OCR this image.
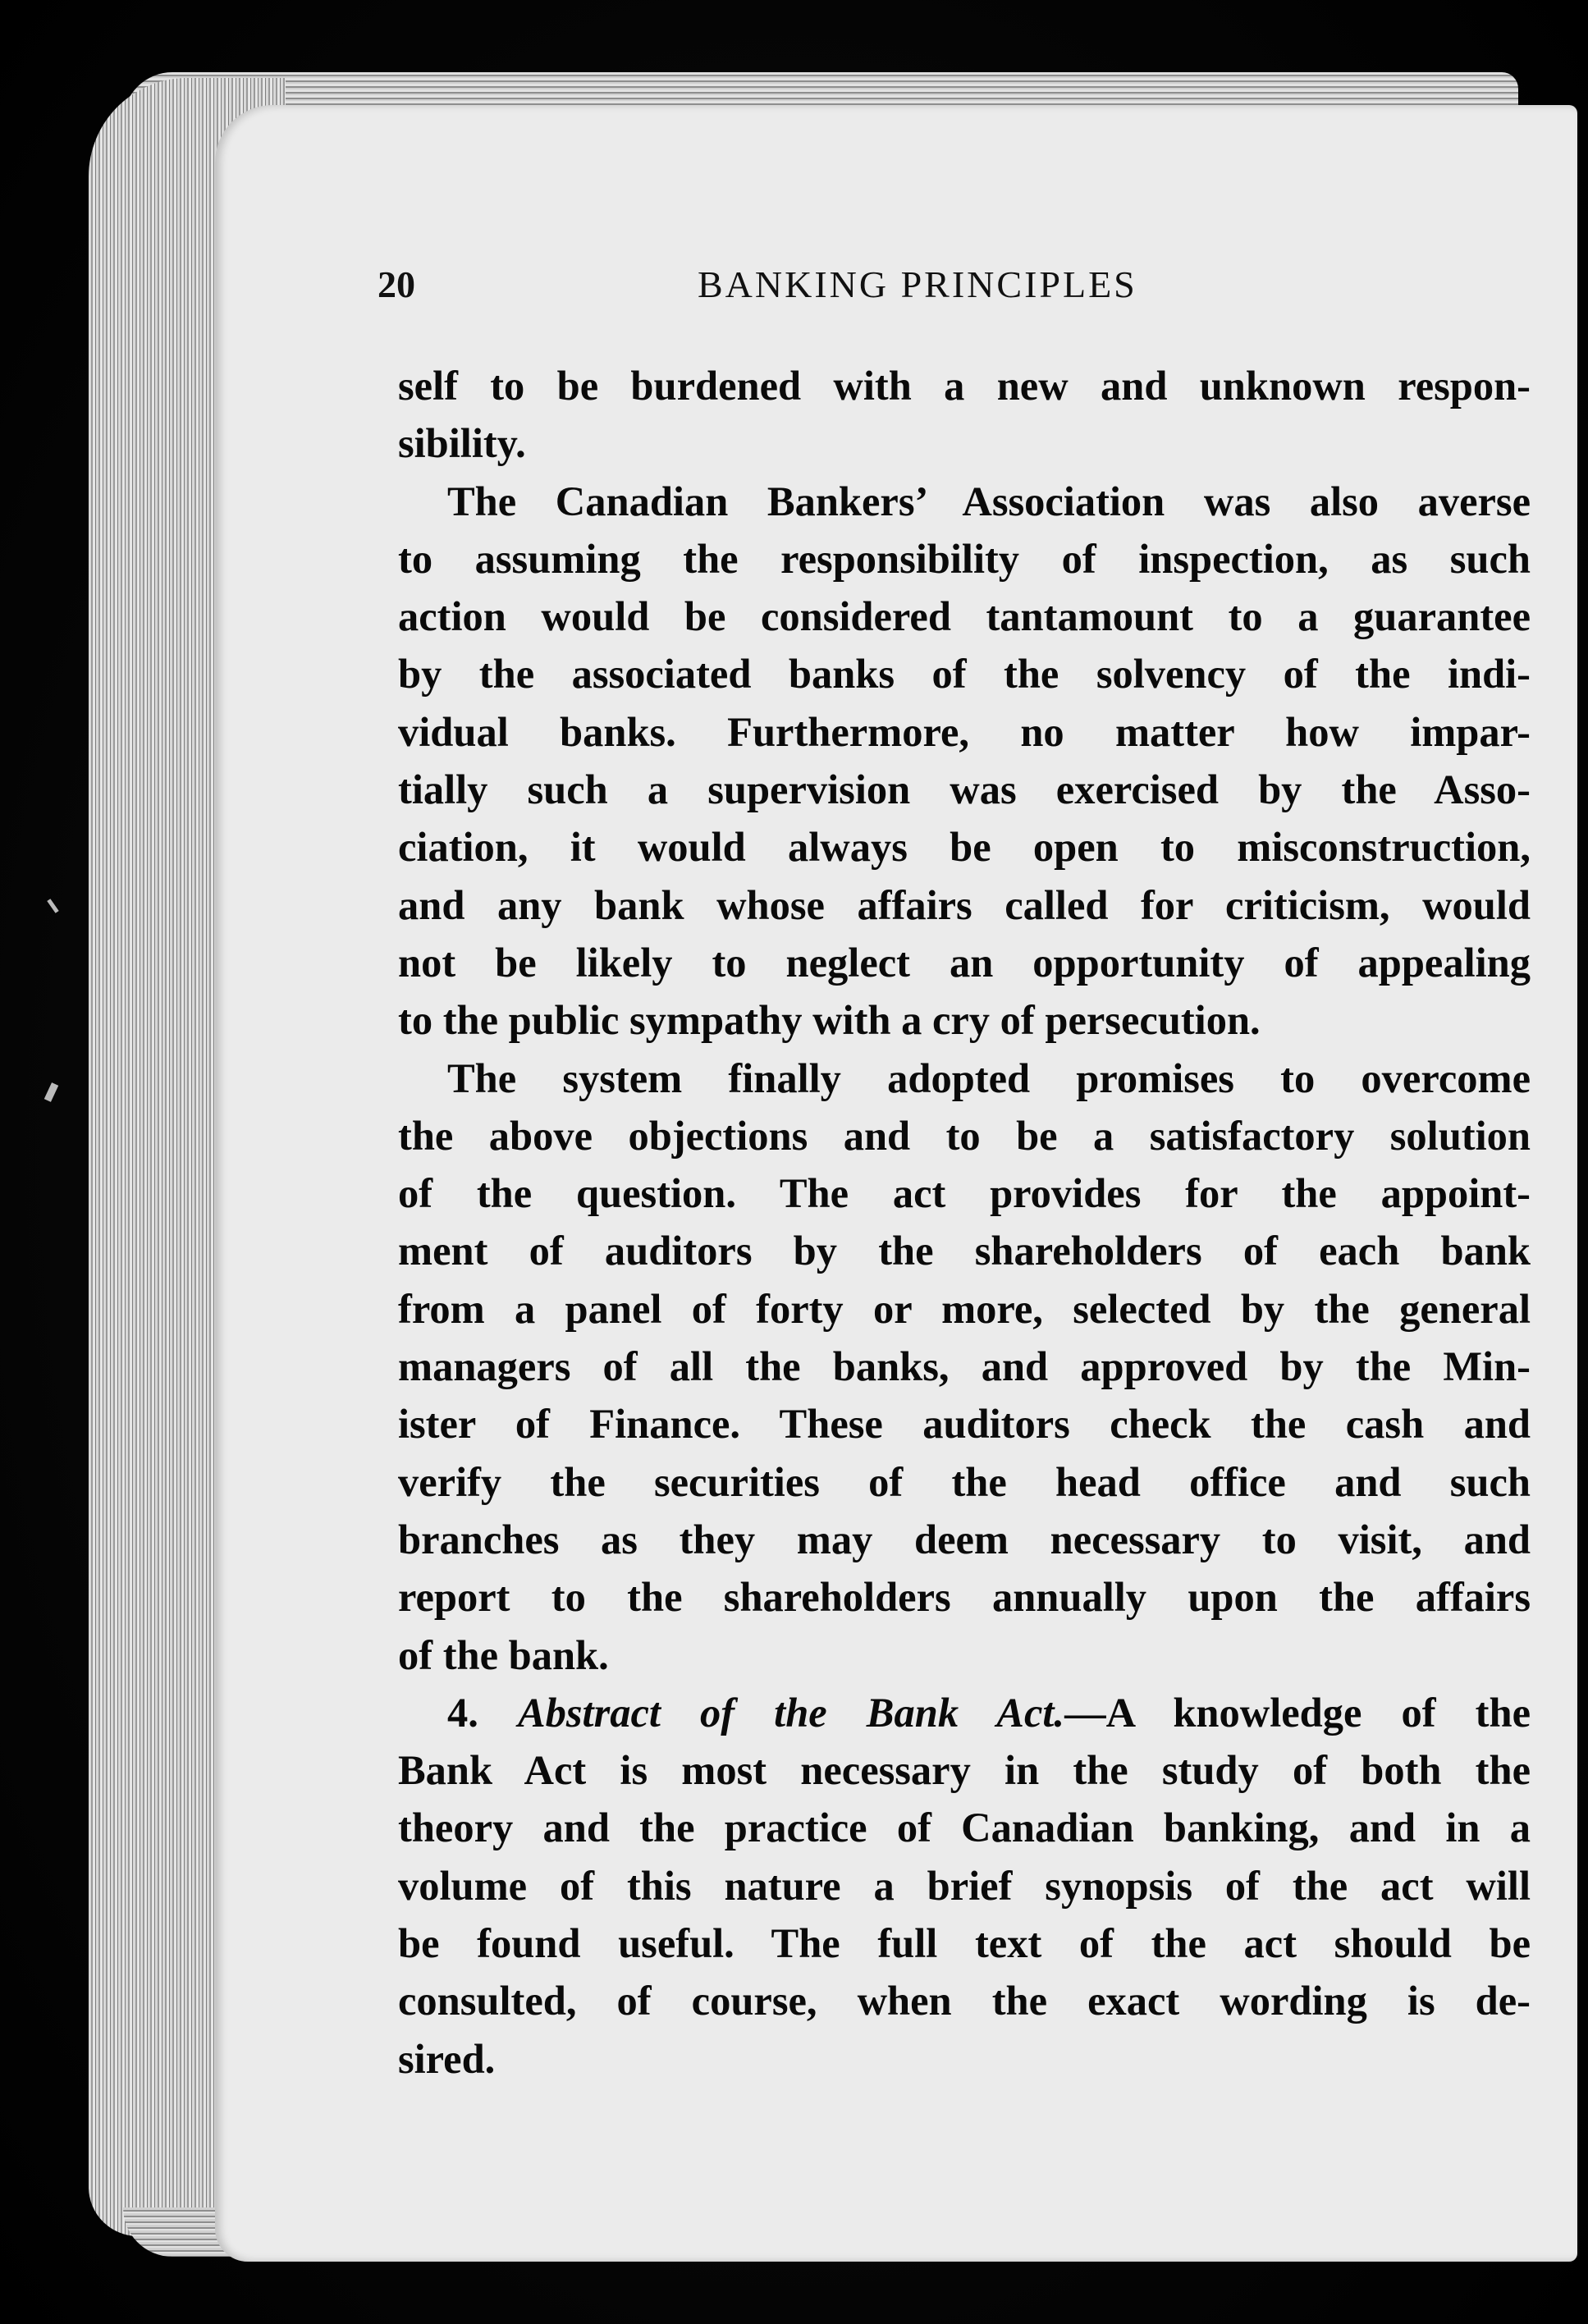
20	BANKING PRINCIPLES
self to be burdened with a new and unknown respon-
sibility.
The Canadian Bankers’ Association was also averse
to assuming the responsibility of inspection, as such
action would be considered tantamount to a guarantee
by the associated banks of the solvency of the indi-
vidual banks. Furthermore, no matter how impar-
tially such a supervision was exercised by the Asso-
ciation, it would always be open to misconstruction,
and any bank whose affairs called for criticism, would
not be likely to neglect an opportunity of appealing
to the public sympathy with a cry of persecution.
The system finally adopted promises to overcome
the above objections and to be a satisfactory solution
of the question. The act provides for the appoint-
ment of auditors by the shareholders of each bank
from a panel of forty or more, selected by the general
managers of all the banks, and approved by the Min-
ister of Finance. These auditors check the cash and
verify the securities of the head office and such
branches as they may deem necessary to visit, and
report to the shareholders annually upon the affairs
of the bank.
4. Abstract of the Bank Act.—A knowledge of the
Bank Act is most necessary in the study of both the
theory and the practice of Canadian banking, and in a
volume of this nature a brief synopsis of the act will
be found useful. The full text of the act should be
consulted, of course, when the exact wording is de-
sired.
